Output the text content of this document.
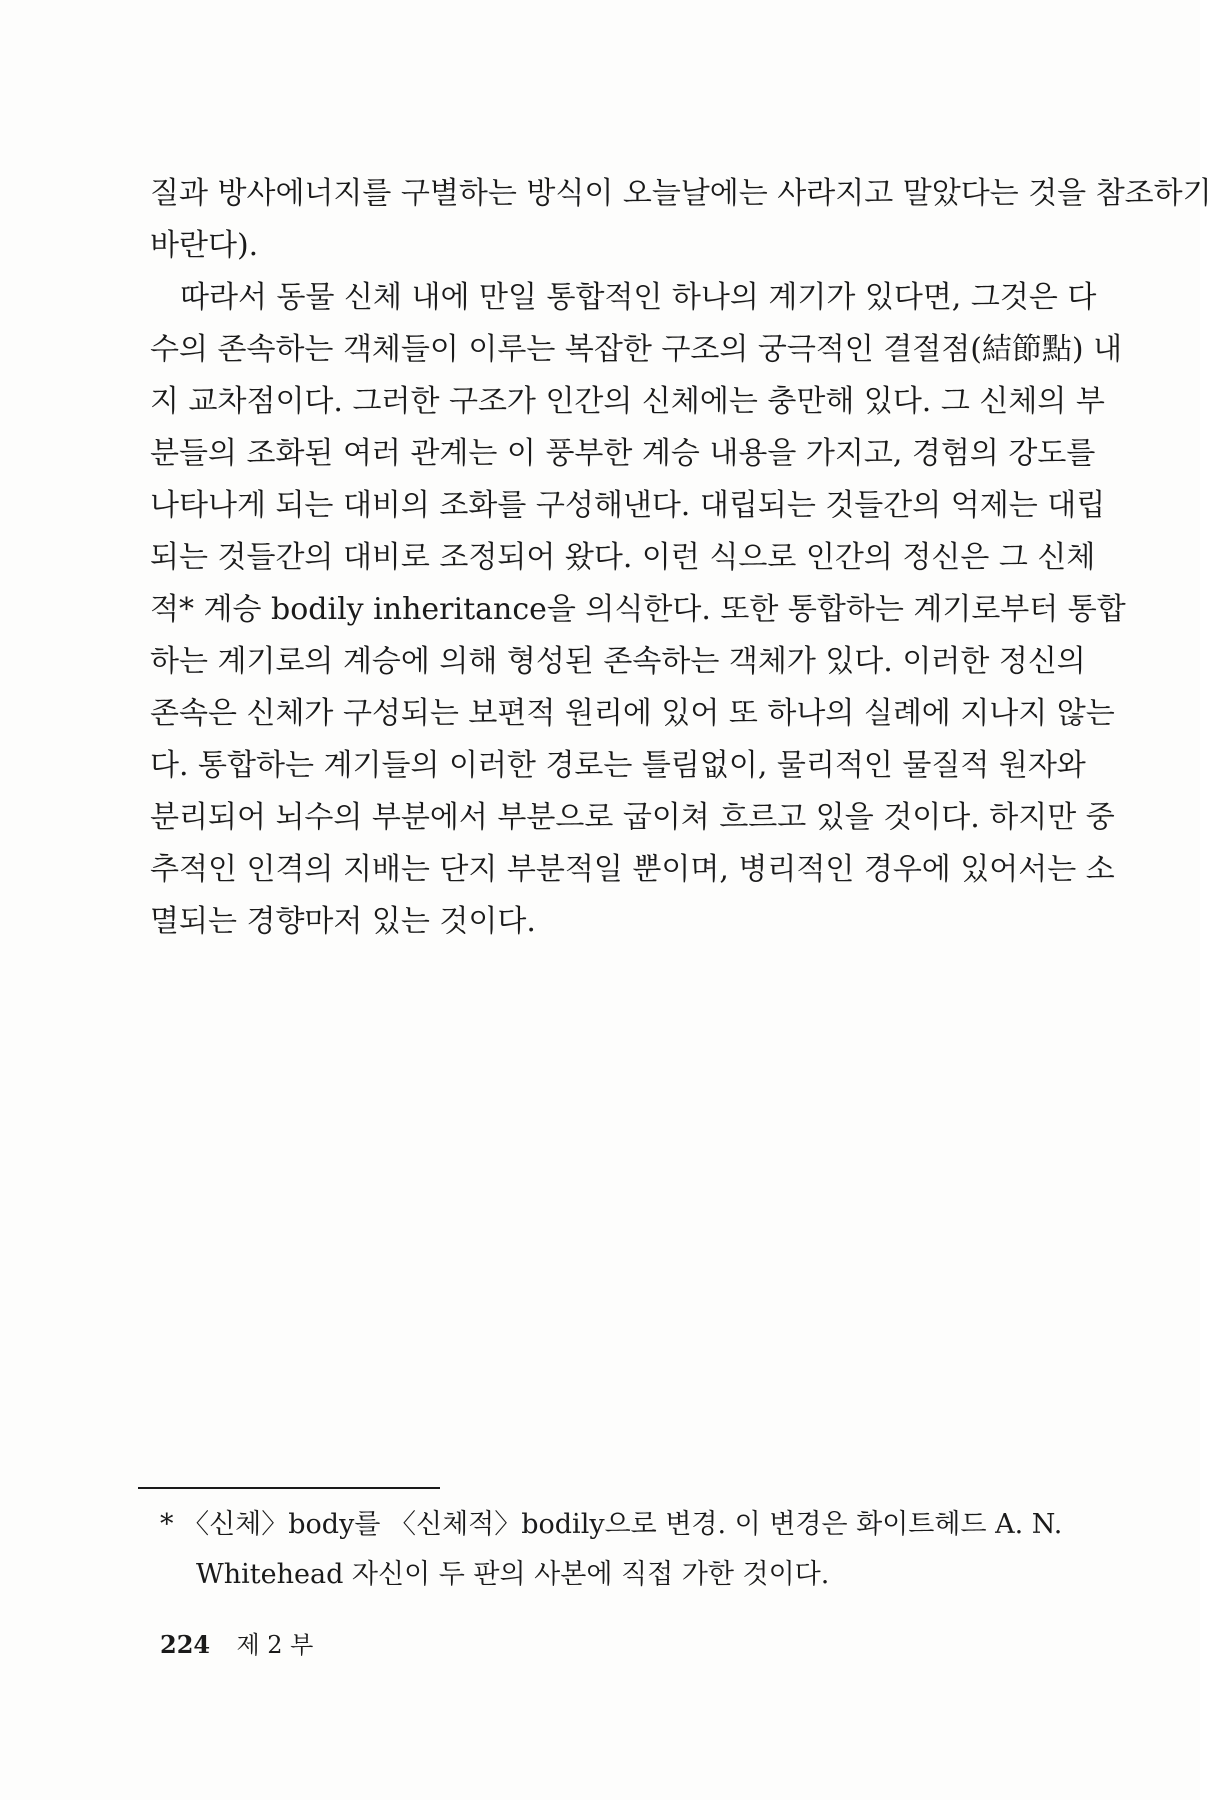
질과 방사에너지를 구별하는 방식이 오늘날에는 사라지고 말았다는 것을 참조하기
바란다).
　따라서 동물 신체 내에 만일 통합적인 하나의 계기가 있다면, 그것은 다
수의 존속하는 객체들이 이루는 복잡한 구조의 궁극적인 결절점(結節點) 내
지 교차점이다. 그러한 구조가 인간의 신체에는 충만해 있다. 그 신체의 부
분들의 조화된 여러 관계는 이 풍부한 계승 내용을 가지고, 경험의 강도를
나타나게 되는 대비의 조화를 구성해낸다. 대립되는 것들간의 억제는 대립
되는 것들간의 대비로 조정되어 왔다. 이런 식으로 인간의 정신은 그 신체
적* 계승 bodily inheritance을 의식한다. 또한 통합하는 계기로부터 통합
하는 계기로의 계승에 의해 형성된 존속하는 객체가 있다. 이러한 정신의
존속은 신체가 구성되는 보편적 원리에 있어 또 하나의 실례에 지나지 않는
다. 통합하는 계기들의 이러한 경로는 틀림없이, 물리적인 물질적 원자와
분리되어 뇌수의 부분에서 부분으로 굽이쳐 흐르고 있을 것이다. 하지만 중
추적인 인격의 지배는 단지 부분적일 뿐이며, 병리적인 경우에 있어서는 소
멸되는 경향마저 있는 것이다.
* 〈신체〉body를 〈신체적〉bodily으로 변경. 이 변경은 화이트헤드 A. N.
Whitehead 자신이 두 판의 사본에 직접 가한 것이다.
224 제 2 부
